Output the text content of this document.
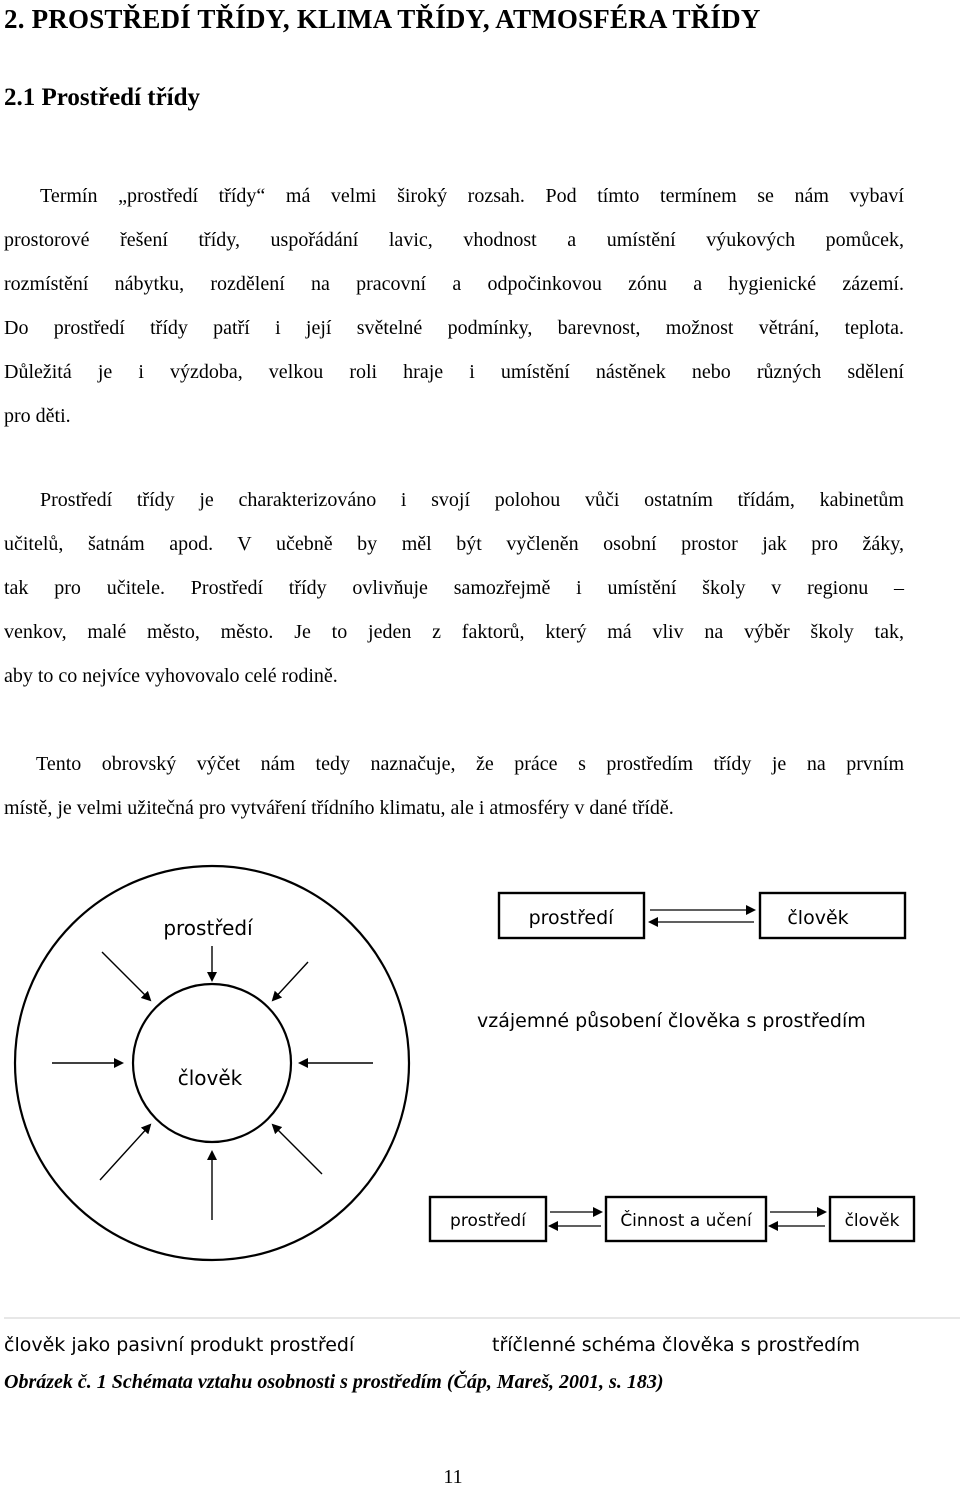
2. PROSTŘEDÍ TŘÍDY, KLIMA TŘÍDY, ATMOSFÉRA TŘÍDY
2.1 Prostředí třídy
Termín „prostředí třídy“ má velmi široký rozsah. Pod tímto termínem se nám vybaví
prostorové řešení třídy, uspořádání lavic, vhodnost a umístění výukových pomůcek,
rozmístění nábytku, rozdělení na pracovní a odpočinkovou zónu a hygienické zázemí.
Do prostředí třídy patří i její světelné podmínky, barevnost, možnost větrání, teplota.
Důležitá je i výzdoba, velkou roli hraje i umístění nástěnek nebo různých sdělení
pro děti.
Prostředí třídy je charakterizováno i svojí polohou vůči ostatním třídám, kabinetům
učitelů, šatnám apod. V učebně by měl být vyčleněn osobní prostor jak pro žáky,
tak pro učitele. Prostředí třídy ovlivňuje samozřejmě i umístění školy v regionu –
venkov, malé město, město. Je to jeden z faktorů, který má vliv na výběr školy tak,
aby to co nejvíce vyhovovalo celé rodině.
Tento obrovský výčet nám tedy naznačuje, že práce s prostředím třídy je na prvním
místě, je velmi užitečná pro vytváření třídního klimatu, ale i atmosféry v dané třídě.
prostředí
člověk
prostředí	člověk
vzájemné působení člověka s prostředím
prostředí	Činnost a učení	člověk
člověk jako pasivní produkt prostředí	tříčlenné schéma člověka s prostředím
Obrázek č. 1 Schémata vztahu osobnosti s prostředím (Čáp, Mareš, 2001, s. 183)
11
